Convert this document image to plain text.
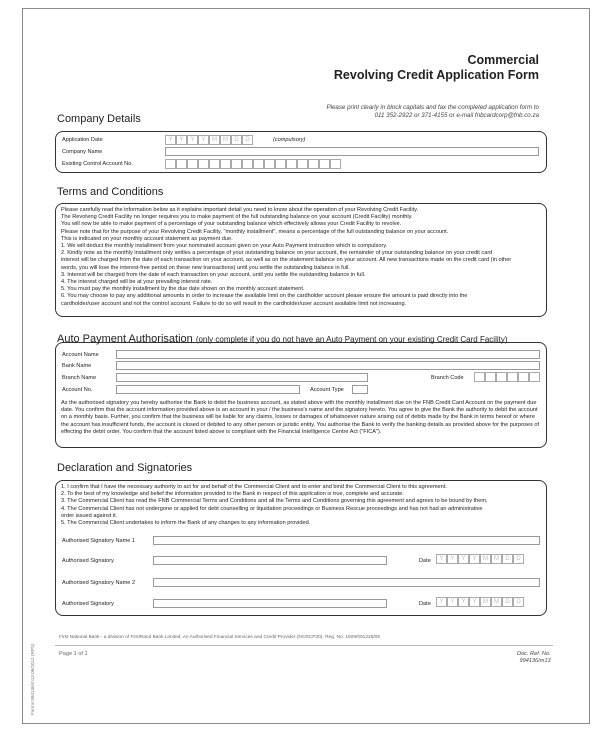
Commercial
Revolving Credit Application Form
Please print clearly in block capitals and fax the completed application form to
011 352-2922 or 371-4155 or e-mail fnbcardcorp@fnb.co.za
Company Details
Application Date	Y Y Y Y M M D D	(compulsory)
Company Name
Existing Control Account No.
Terms and Conditions
Please carefully read the information below as it explains important detail you need to know about the operation of your Revolving Credit Facility.
The Revolving Credit Facility no longer requires you to make payment of the full outstanding balance on your account (Credit Facility) monthly.
You will now be able to make payment of a percentage of your outstanding balance which effectively allows your Credit Facility to revolve.
Please note that for the purpose of your Revolving Credit Facility, "monthly installment", means a percentage of the full outstanding balance on your account.
This is indicated on your monthly account statement as payment due.
1. We will deduct the monthly installment from your nominated account given on your Auto Payment instruction which is compulsory.
2. Kindly note as the monthly installment only settles a percentage of your outstanding balance on your account, the remainder of your outstanding balance on your credit card
interest will be charged from the date of each transaction on your account, as well as on the statement balance on your account. All new transactions made on the credit card (in other
words, you will lose the interest-free period on these new transactions) until you settle the outstanding balance in full.
3. Interest will be charged from the date of each transaction on your account, until you settle the outstanding balance in full.
4. The interest charged will be at your prevailing interest rate.
5. You must pay the monthly installment by the due date shown on the monthly account statement.
6. You may choose to pay any additional amounts in order to increase the available limit on the cardholder account please ensure the amount is paid directly into the
cardholder/user account and not the control account. Failure to do so will result in the cardholder/user account available limit not increasing.
Auto Payment Authorisation (only complete if you do not have an Auto Payment on your existing Credit Card Facility)
Account Name
Bank Name
Branch Name	Branch Code
Account No.	Account Type
As the authorised signatory you hereby authorise the Bank to debit the business account, as stated above with the monthly installment due on the FNB Credit Card Account on the payment due date. You confirm that the account information provided above is an account in your / the business's name and the signatory hereto. You agree to give the Bank the authority to debit the account on a monthly basis. Further, you confirm that the business will be liable for any claims, losses or damages of whatsoever nature arising out of debits made by the Bank in terms hereof or where the account has insufficient funds, the account is closed or debited to any other person or juristic entity. You authorise the Bank to verify the banking details as provided above for the purposes of effecting the debit order. You confirm that the account listed above is compliant with the Financial Intelligence Centre Act ("FICA").
Declaration and Signatories
1. I confirm that I have the necessary authority to act for and behalf of the Commercial Client and to enter and bind the Commercial Client to this agreement.
2. To the best of my knowledge and belief the information provided to the Bank in respect of this application is true, complete and accurate.
3. The Commercial Client has read the FNB Commercial Terms and Conditions and all the Terms and Conditions governing this agreement and agrees to be bound by them.
4. The Commercial Client has not undergone or applied for debt counselling or liquidation proceedings or Business Rescue proceedings and has not had an administrative
order issued against it.
5. The Commercial Client undertakes to inform the Bank of any changes to any information provided.
Authorised Signatory Name 1
Authorised Signatory	Date	Y Y Y Y M M D D
Authorised Signatory Name 2
Authorised Signatory	Date	Y Y Y Y M M D D
First National Bank - a division of FirstRand Bank Limited. An Authorised Financial Services and Credit Provider (NCRCP20). Reg. No. 1929/001225/06
Page 1 of 1	Doc. Ref. No.
994136/m13
Forms 994136/m13 06/2012 (RPS)
